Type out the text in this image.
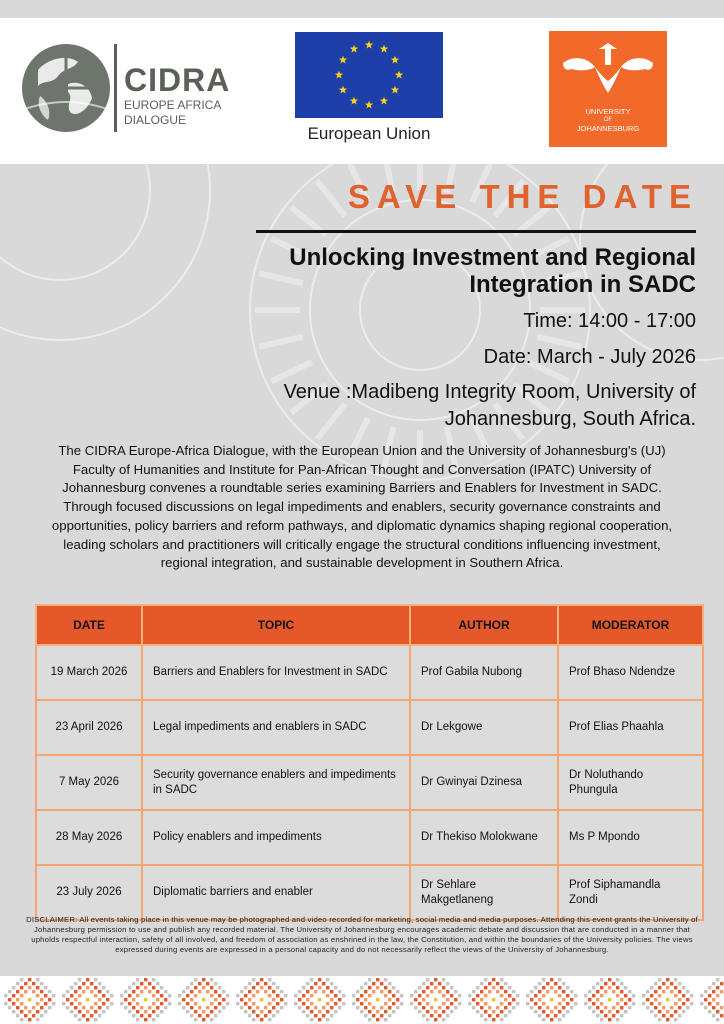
CIDRA

EUROPE AFRICA
DIALOGUE

European Union

UNIVERSITY

OF

JOHANNESBURG

SAVE THE DATE

Unlocking Investment and Regional Integration in SADC

Time: 14:00 - 17:00

Date: March - July 2026

Venue :Madibeng Integrity Room, University of Johannesburg, South Africa.

The CIDRA Europe-Africa Dialogue, with the European Union and the University of Johannesburg's (UJ) Faculty of Humanities and Institute for Pan-African Thought and Conversation (IPATC) University of Johannesburg convenes a roundtable series examining Barriers and Enablers for Investment in SADC. Through focused discussions on legal impediments and enablers, security governance constraints and opportunities, policy barriers and reform pathways, and diplomatic dynamics shaping regional cooperation, leading scholars and practitioners will critically engage the structural conditions influencing investment, regional integration, and sustainable development in Southern Africa.

DATE	TOPIC	AUTHOR	MODERATOR
19 March 2026	Barriers and Enablers for Investment in SADC	Prof Gabila Nubong	Prof Bhaso Ndendze
23 April 2026	Legal impediments and enablers in SADC	Dr Lekgowe	Prof Elias Phaahla
7 May 2026	Security governance enablers and impediments in SADC	Dr Gwinyai Dzinesa	Dr Noluthando Phungula
28 May 2026	Policy enablers and impediments	Dr Thekiso Molokwane	Ms P Mpondo
23 July 2026	Diplomatic barriers and enabler	Dr Sehlare Makgetlaneng	Prof Siphamandla Zondi

DISCLAIMER: All events taking place in this venue may be photographed and video recorded for marketing, social media and media purposes. Attending this event grants the University of Johannesburg permission to use and publish any recorded material. The University of Johannesburg encourages academic debate and discussion that are conducted in a manner that upholds respectful interaction, safety of all involved, and freedom of association as enshrined in the law, the Constitution, and within the boundaries of the University policies. The views expressed during events are expressed in a personal capacity and do not necessarily reflect the views of the University of Johannesburg.
